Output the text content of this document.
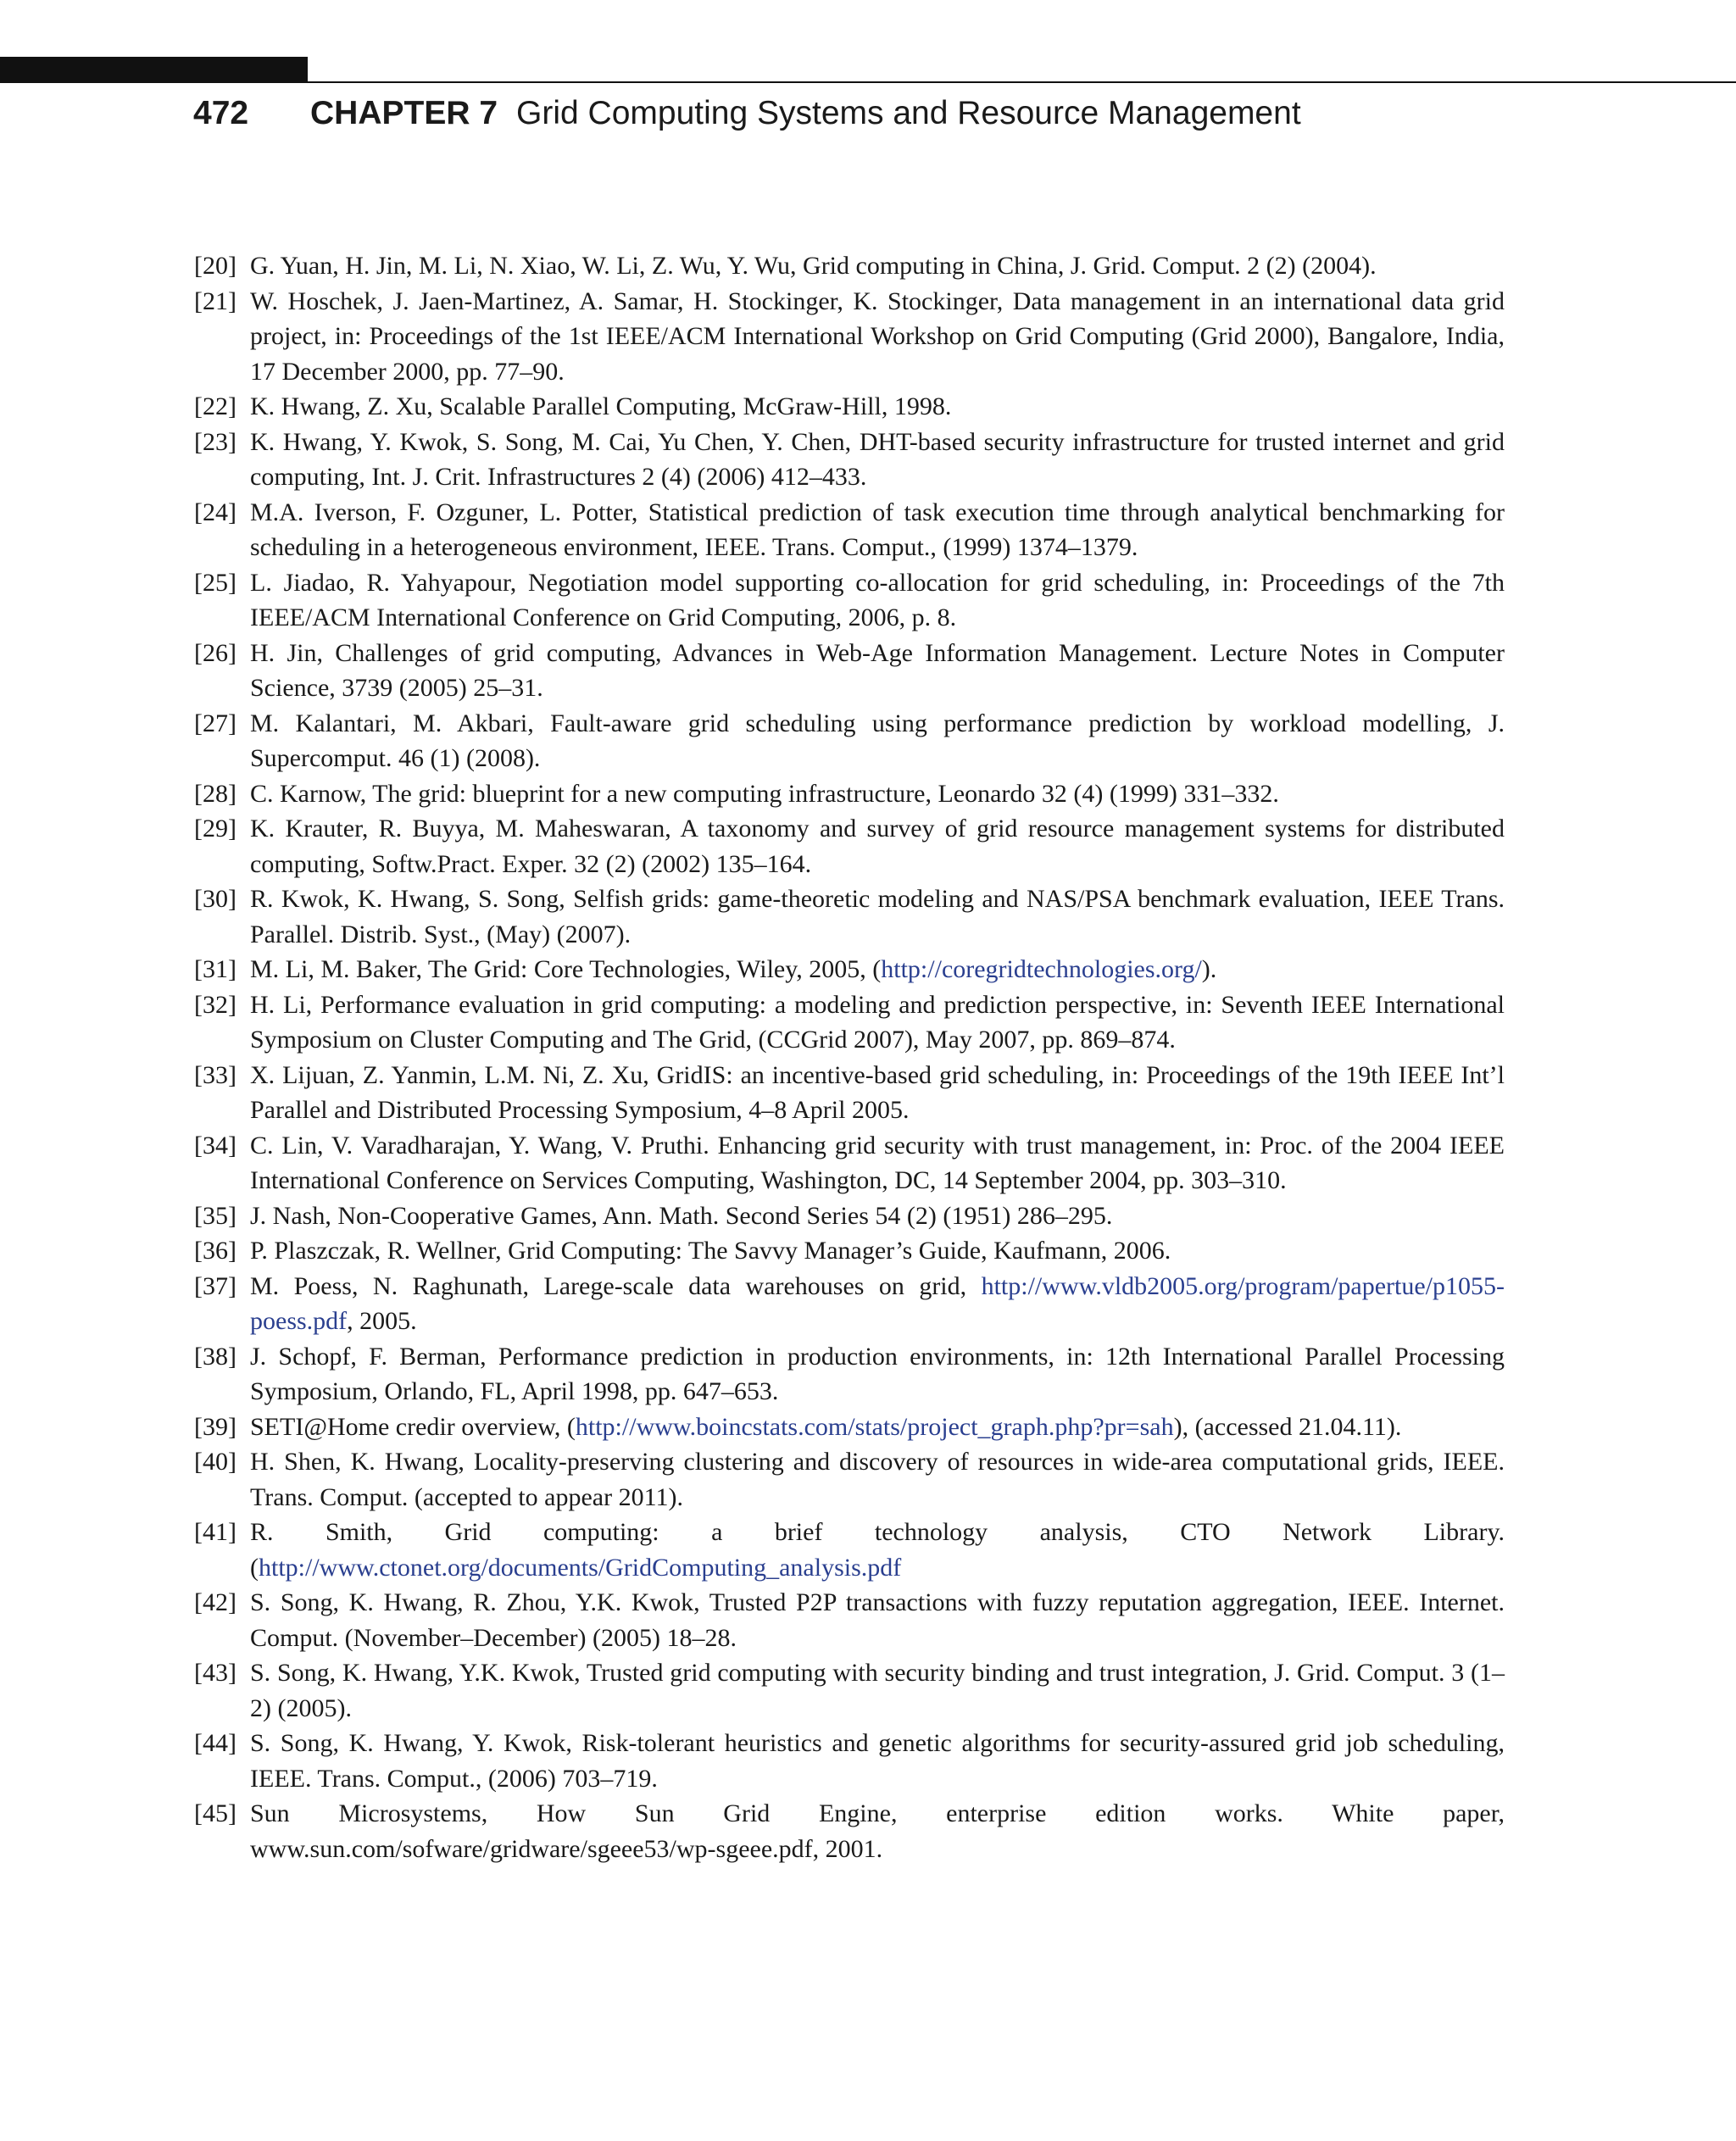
472	CHAPTER 7 Grid Computing Systems and Resource Management
[20] G. Yuan, H. Jin, M. Li, N. Xiao, W. Li, Z. Wu, Y. Wu, Grid computing in China, J. Grid. Comput. 2 (2) (2004).
[21] W. Hoschek, J. Jaen-Martinez, A. Samar, H. Stockinger, K. Stockinger, Data management in an international data grid project, in: Proceedings of the 1st IEEE/ACM International Workshop on Grid Computing (Grid 2000), Bangalore, India, 17 December 2000, pp. 77–90.
[22] K. Hwang, Z. Xu, Scalable Parallel Computing, McGraw-Hill, 1998.
[23] K. Hwang, Y. Kwok, S. Song, M. Cai, Yu Chen, Y. Chen, DHT-based security infrastructure for trusted internet and grid computing, Int. J. Crit. Infrastructures 2 (4) (2006) 412–433.
[24] M.A. Iverson, F. Ozguner, L. Potter, Statistical prediction of task execution time through analytical benchmarking for scheduling in a heterogeneous environment, IEEE. Trans. Comput., (1999) 1374–1379.
[25] L. Jiadao, R. Yahyapour, Negotiation model supporting co-allocation for grid scheduling, in: Proceedings of the 7th IEEE/ACM International Conference on Grid Computing, 2006, p. 8.
[26] H. Jin, Challenges of grid computing, Advances in Web-Age Information Management. Lecture Notes in Computer Science, 3739 (2005) 25–31.
[27] M. Kalantari, M. Akbari, Fault-aware grid scheduling using performance prediction by workload modelling, J. Supercomput. 46 (1) (2008).
[28] C. Karnow, The grid: blueprint for a new computing infrastructure, Leonardo 32 (4) (1999) 331–332.
[29] K. Krauter, R. Buyya, M. Maheswaran, A taxonomy and survey of grid resource management systems for distributed computing, Softw.Pract. Exper. 32 (2) (2002) 135–164.
[30] R. Kwok, K. Hwang, S. Song, Selfish grids: game-theoretic modeling and NAS/PSA benchmark evaluation, IEEE Trans. Parallel. Distrib. Syst., (May) (2007).
[31] M. Li, M. Baker, The Grid: Core Technologies, Wiley, 2005, (http://coregridtechnologies.org/).
[32] H. Li, Performance evaluation in grid computing: a modeling and prediction perspective, in: Seventh IEEE International Symposium on Cluster Computing and The Grid, (CCGrid 2007), May 2007, pp. 869–874.
[33] X. Lijuan, Z. Yanmin, L.M. Ni, Z. Xu, GridIS: an incentive-based grid scheduling, in: Proceedings of the 19th IEEE Int’l Parallel and Distributed Processing Symposium, 4–8 April 2005.
[34] C. Lin, V. Varadharajan, Y. Wang, V. Pruthi. Enhancing grid security with trust management, in: Proc. of the 2004 IEEE International Conference on Services Computing, Washington, DC, 14 September 2004, pp. 303–310.
[35] J. Nash, Non-Cooperative Games, Ann. Math. Second Series 54 (2) (1951) 286–295.
[36] P. Plaszczak, R. Wellner, Grid Computing: The Savvy Manager’s Guide, Kaufmann, 2006.
[37] M. Poess, N. Raghunath, Larege-scale data warehouses on grid, http://www.vldb2005.org/program/papertue/p1055-poess.pdf, 2005.
[38] J. Schopf, F. Berman, Performance prediction in production environments, in: 12th International Parallel Processing Symposium, Orlando, FL, April 1998, pp. 647–653.
[39] SETI@Home credir overview, (http://www.boincstats.com/stats/project_graph.php?pr=sah), (accessed 21.04.11).
[40] H. Shen, K. Hwang, Locality-preserving clustering and discovery of resources in wide-area computational grids, IEEE. Trans. Comput. (accepted to appear 2011).
[41] R. Smith, Grid computing: a brief technology analysis, CTO Network Library. (http://www.ctonet.org/documents/GridComputing_analysis.pdf
[42] S. Song, K. Hwang, R. Zhou, Y.K. Kwok, Trusted P2P transactions with fuzzy reputation aggregation, IEEE. Internet. Comput. (November–December) (2005) 18–28.
[43] S. Song, K. Hwang, Y.K. Kwok, Trusted grid computing with security binding and trust integration, J. Grid. Comput. 3 (1–2) (2005).
[44] S. Song, K. Hwang, Y. Kwok, Risk-tolerant heuristics and genetic algorithms for security-assured grid job scheduling, IEEE. Trans. Comput., (2006) 703–719.
[45] Sun Microsystems, How Sun Grid Engine, enterprise edition works. White paper, www.sun.com/sofware/gridware/sgeee53/wp-sgeee.pdf, 2001.
